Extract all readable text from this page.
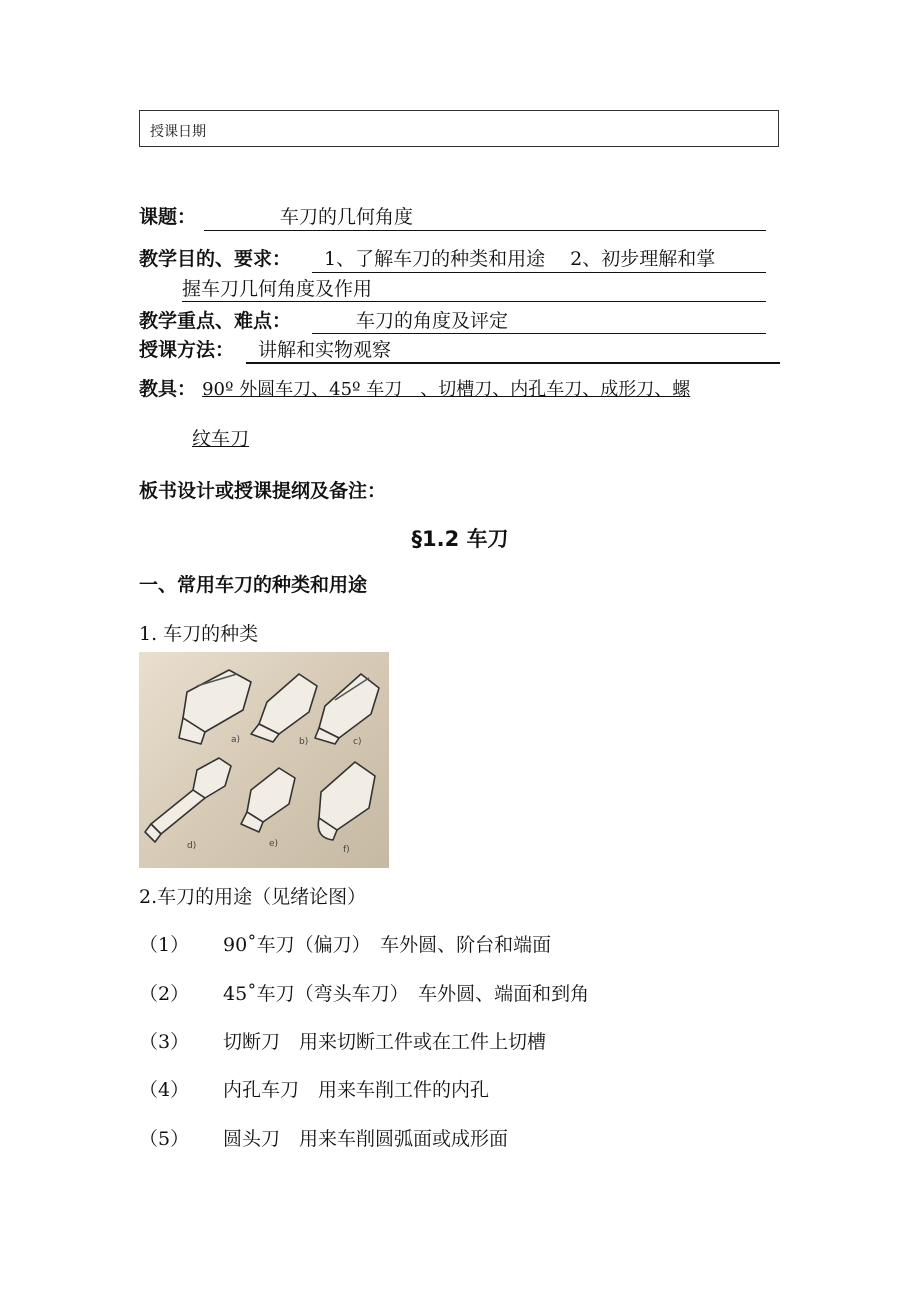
授课日期
课题：	车刀的几何角度
教学目的、要求： 1、了解车刀的种类和用途　 2、初步理解和掌
握车刀几何角度及作用
教学重点、难点：	车刀的角度及评定
授课方法： 讲解和实物观察
教具： 90º 外圆车刀、45º 车刀　、切槽刀、内孔车刀、成形刀、螺
纹车刀
板书设计或授课提纲及备注：
§1.2 车刀
一、常用车刀的种类和用途
1. 车刀的种类
a)	b)	c)
d)	e)
f)
2.车刀的用途（见绪论图）
（1） 90˚车刀（偏刀）　车外圆、阶台和端面
（2） 45˚车刀（弯头车刀）　车外圆、端面和到角
（3） 切断刀　用来切断工件或在工件上切槽
（4） 内孔车刀　用来车削工件的内孔
（5） 圆头刀　用来车削圆弧面或成形面
